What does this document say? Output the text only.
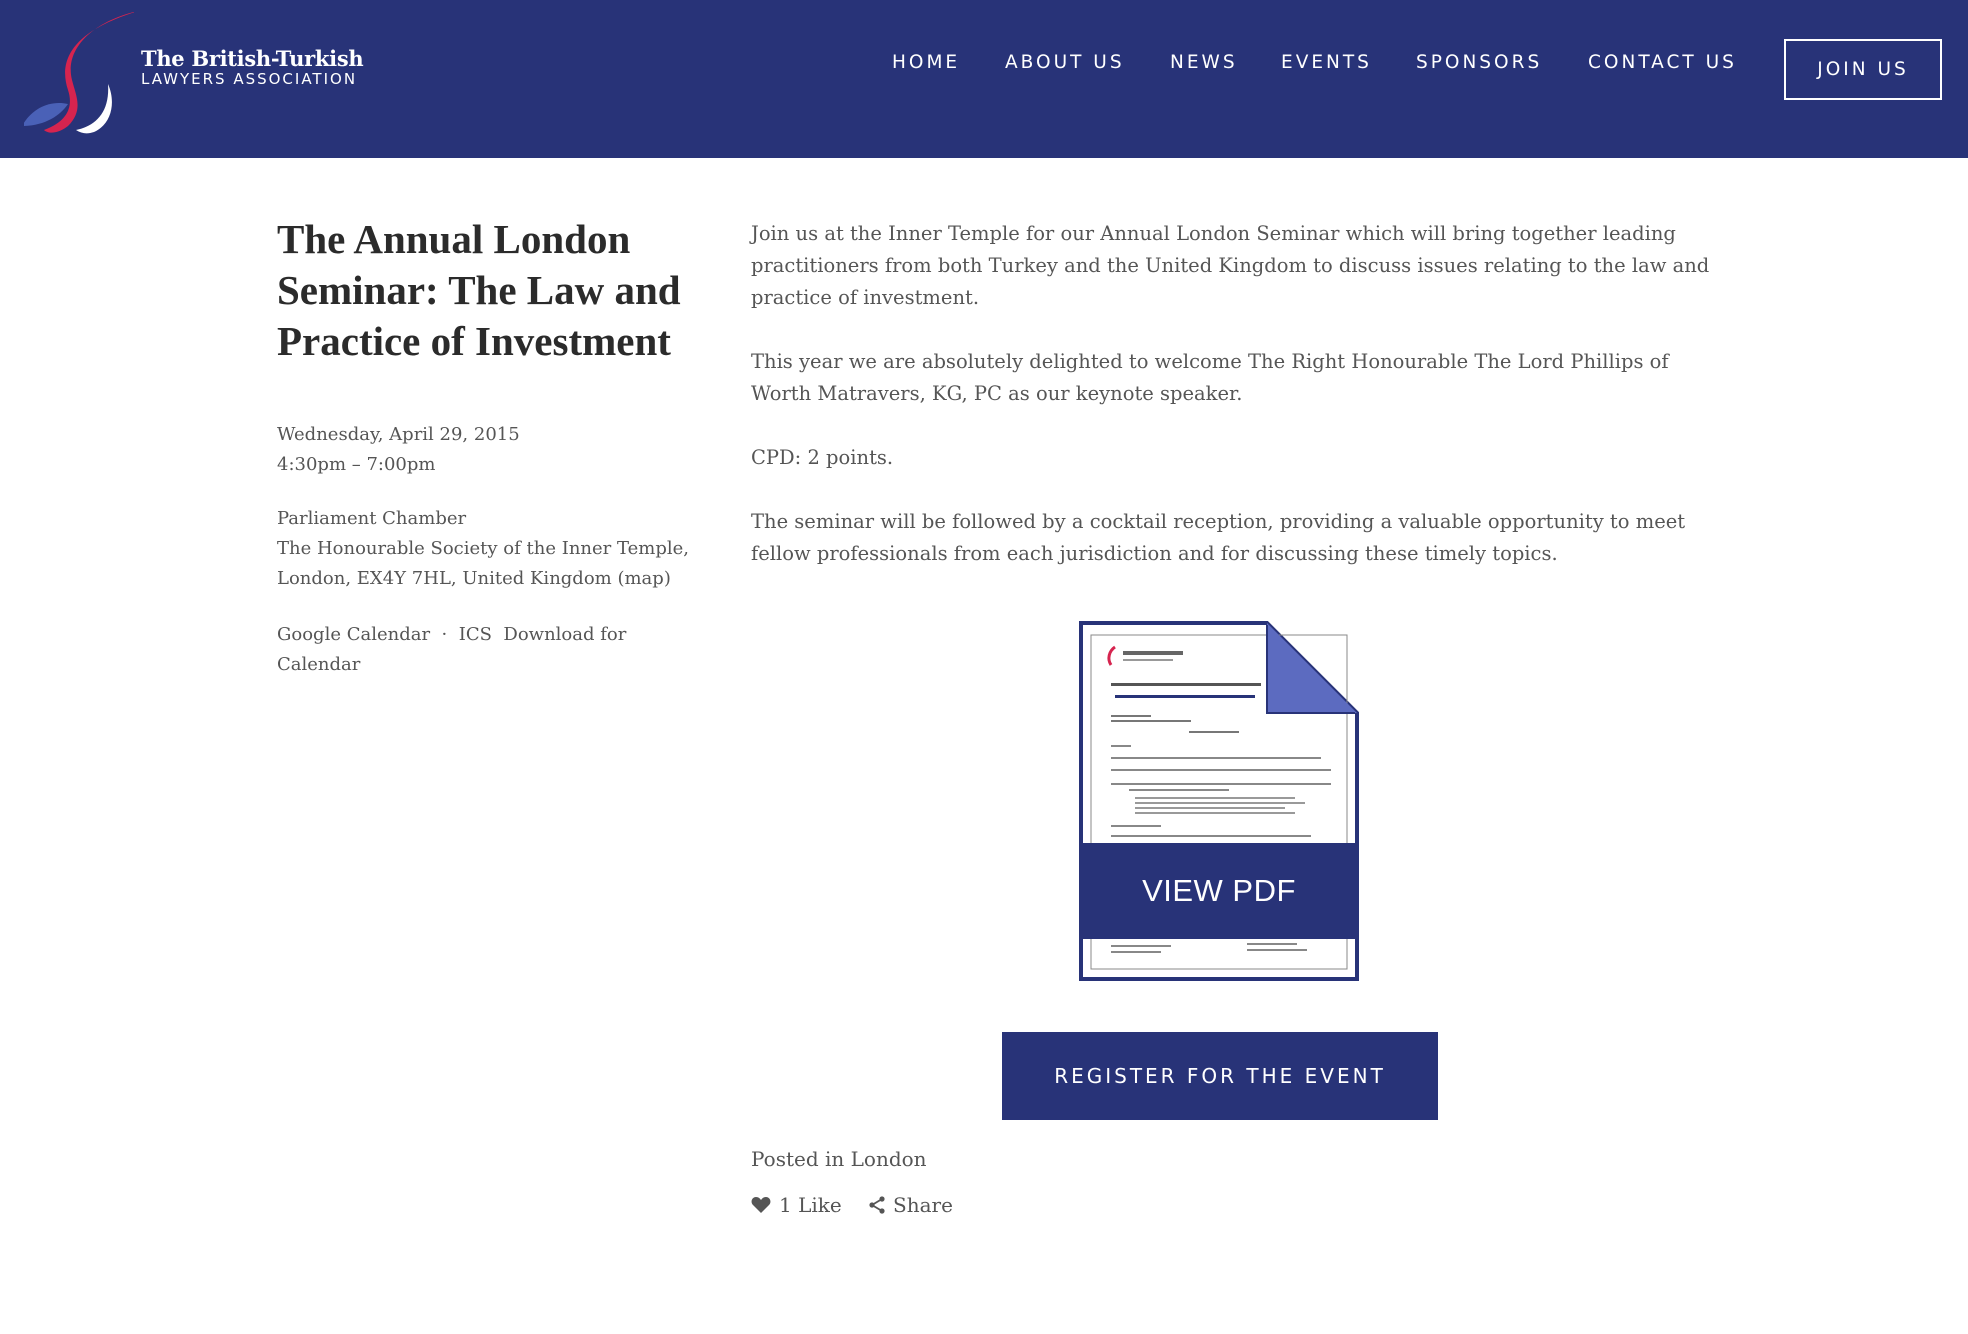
The British-Turkish
LAWYERS ASSOCIATION
HOME ABOUT US NEWS EVENTS SPONSORS CONTACT US	JOIN US
The Annual London Seminar: The Law and Practice of Investment
Wednesday, April 29, 2015
4:30pm – 7:00pm
Parliament Chamber
The Honourable Society of the Inner Temple,
London, EX4Y 7HL, United Kingdom (map)
Google Calendar · ICS Download for
Calendar

Join us at the Inner Temple for our Annual London Seminar which will bring together leading practitioners from both Turkey and the United Kingdom to discuss issues relating to the law and practice of investment.

This year we are absolutely delighted to welcome The Right Honourable The Lord Phillips of Worth Matravers, KG, PC as our keynote speaker.

CPD: 2 points.

The seminar will be followed by a cocktail reception, providing a valuable opportunity to meet fellow professionals from each jurisdiction and for discussing these timely topics.

VIEW PDF
REGISTER FOR THE EVENT
Posted in London
1 Like	Share
